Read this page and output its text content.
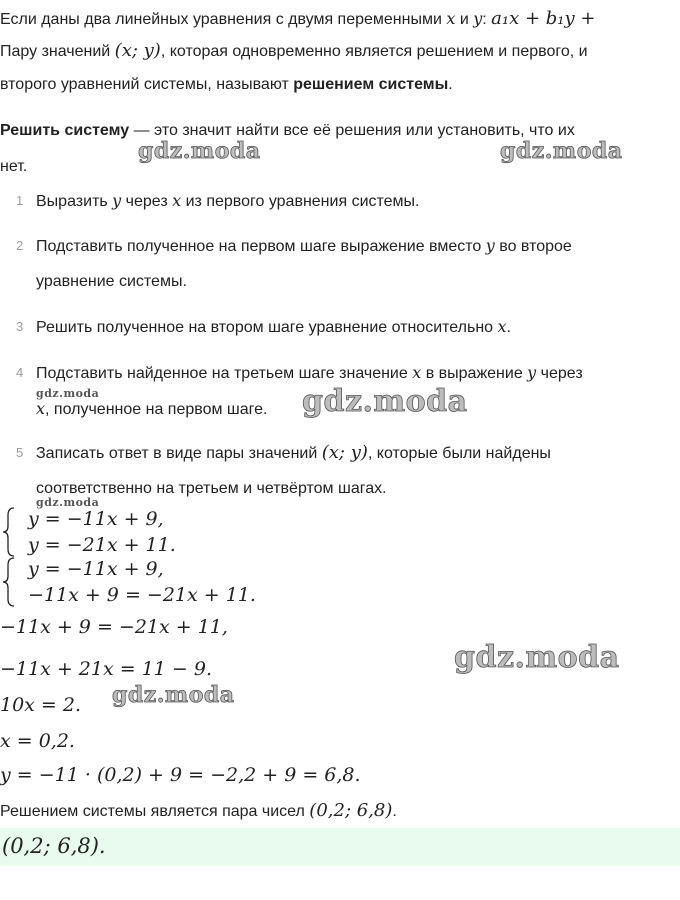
Если даны два линейных уравнения с двумя переменными x и y: a₁x + b₁y +
Пару значений (x; y), которая одновременно является решением и первого, и
второго уравнений системы, называют решением системы.
Решить систему — это значит найти все её решения или установить, что их
нет.
gdz.moda	gdz.moda
1 Выразить y через x из первого уравнения системы.
2 Подставить полученное на первом шаге выражение вместо y во второе
уравнение системы.
3 Решить полученное на втором шаге уравнение относительно x.
4 Подставить найденное на третьем шаге значение x в выражение y через
x, полученное на первом шаге.
gdz.moda	gdz.moda
5 Записать ответ в виде пары значений (x; y), которые были найдены
соответственно на третьем и четвёртом шагах.
gdz.moda
y = −11x + 9,
y = −21x + 11.
y = −11x + 9,
−11x + 9 = −21x + 11.
−11x + 9 = −21x + 11,
−11x + 21x = 11 − 9.	gdz.moda
10x = 2. gdz.moda
x = 0,2.
y = −11 · (0,2) + 9 = −2,2 + 9 = 6,8.
Решением системы является пара чисел (0,2; 6,8).
(0,2; 6,8).
